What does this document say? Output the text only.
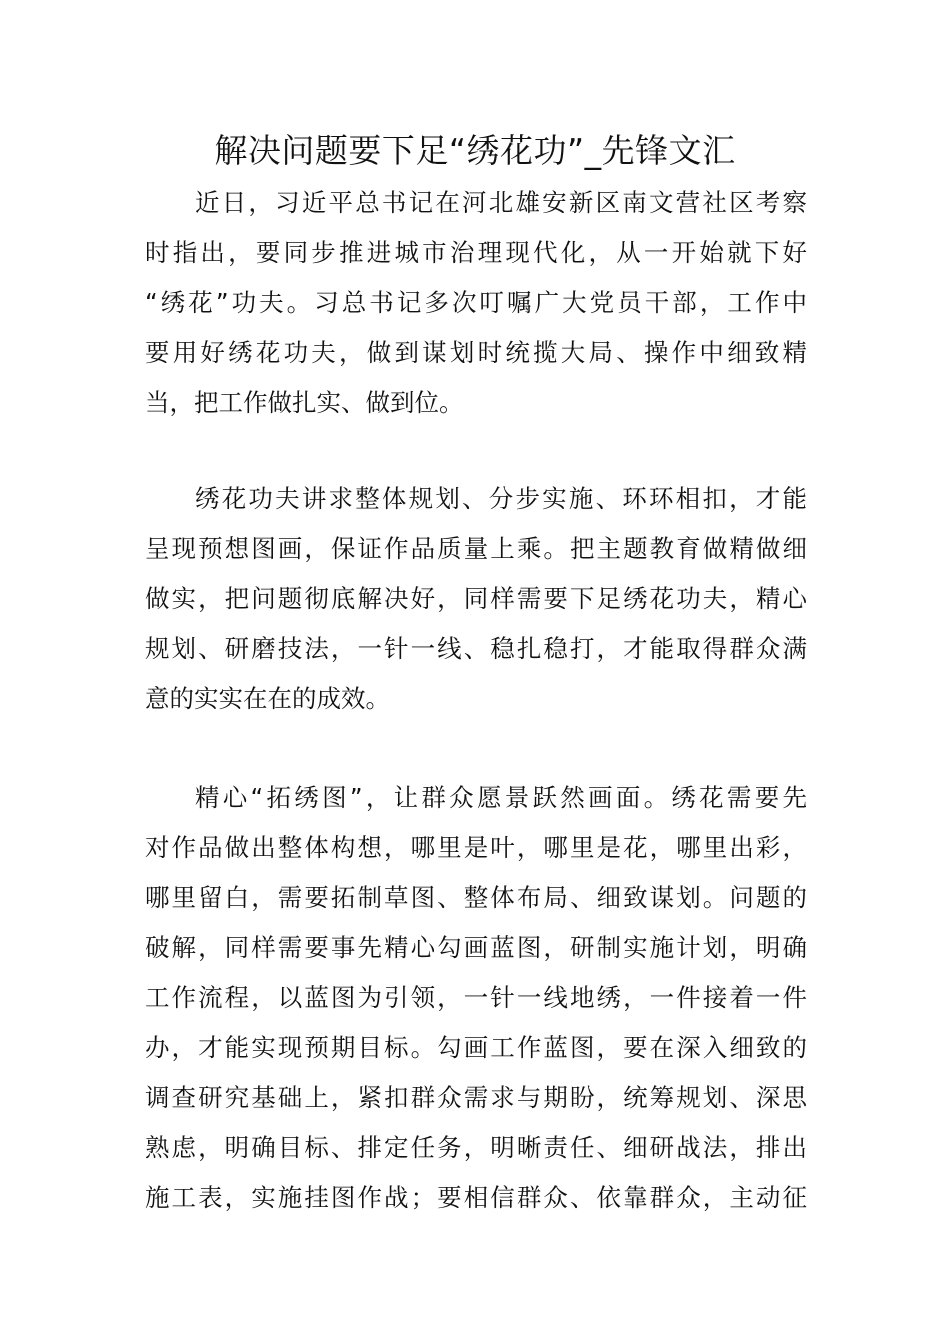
解决问题要下足“绣花功”_先锋文汇
近日，习近平总书记在河北雄安新区南文营社区考察
时指出，要同步推进城市治理现代化，从一开始就下好
“绣花”功夫。习总书记多次叮嘱广大党员干部，工作中
要用好绣花功夫，做到谋划时统揽大局、操作中细致精
当，把工作做扎实、做到位。
绣花功夫讲求整体规划、分步实施、环环相扣，才能
呈现预想图画，保证作品质量上乘。把主题教育做精做细
做实，把问题彻底解决好，同样需要下足绣花功夫，精心
规划、研磨技法，一针一线、稳扎稳打，才能取得群众满
意的实实在在的成效。
精心“拓绣图”，让群众愿景跃然画面。绣花需要先
对作品做出整体构想，哪里是叶，哪里是花，哪里出彩，
哪里留白，需要拓制草图、整体布局、细致谋划。问题的
破解，同样需要事先精心勾画蓝图，研制实施计划，明确
工作流程，以蓝图为引领，一针一线地绣，一件接着一件
办，才能实现预期目标。勾画工作蓝图，要在深入细致的
调查研究基础上，紧扣群众需求与期盼，统筹规划、深思
熟虑，明确目标、排定任务，明晰责任、细研战法，排出
施工表，实施挂图作战；要相信群众、依靠群众，主动征
